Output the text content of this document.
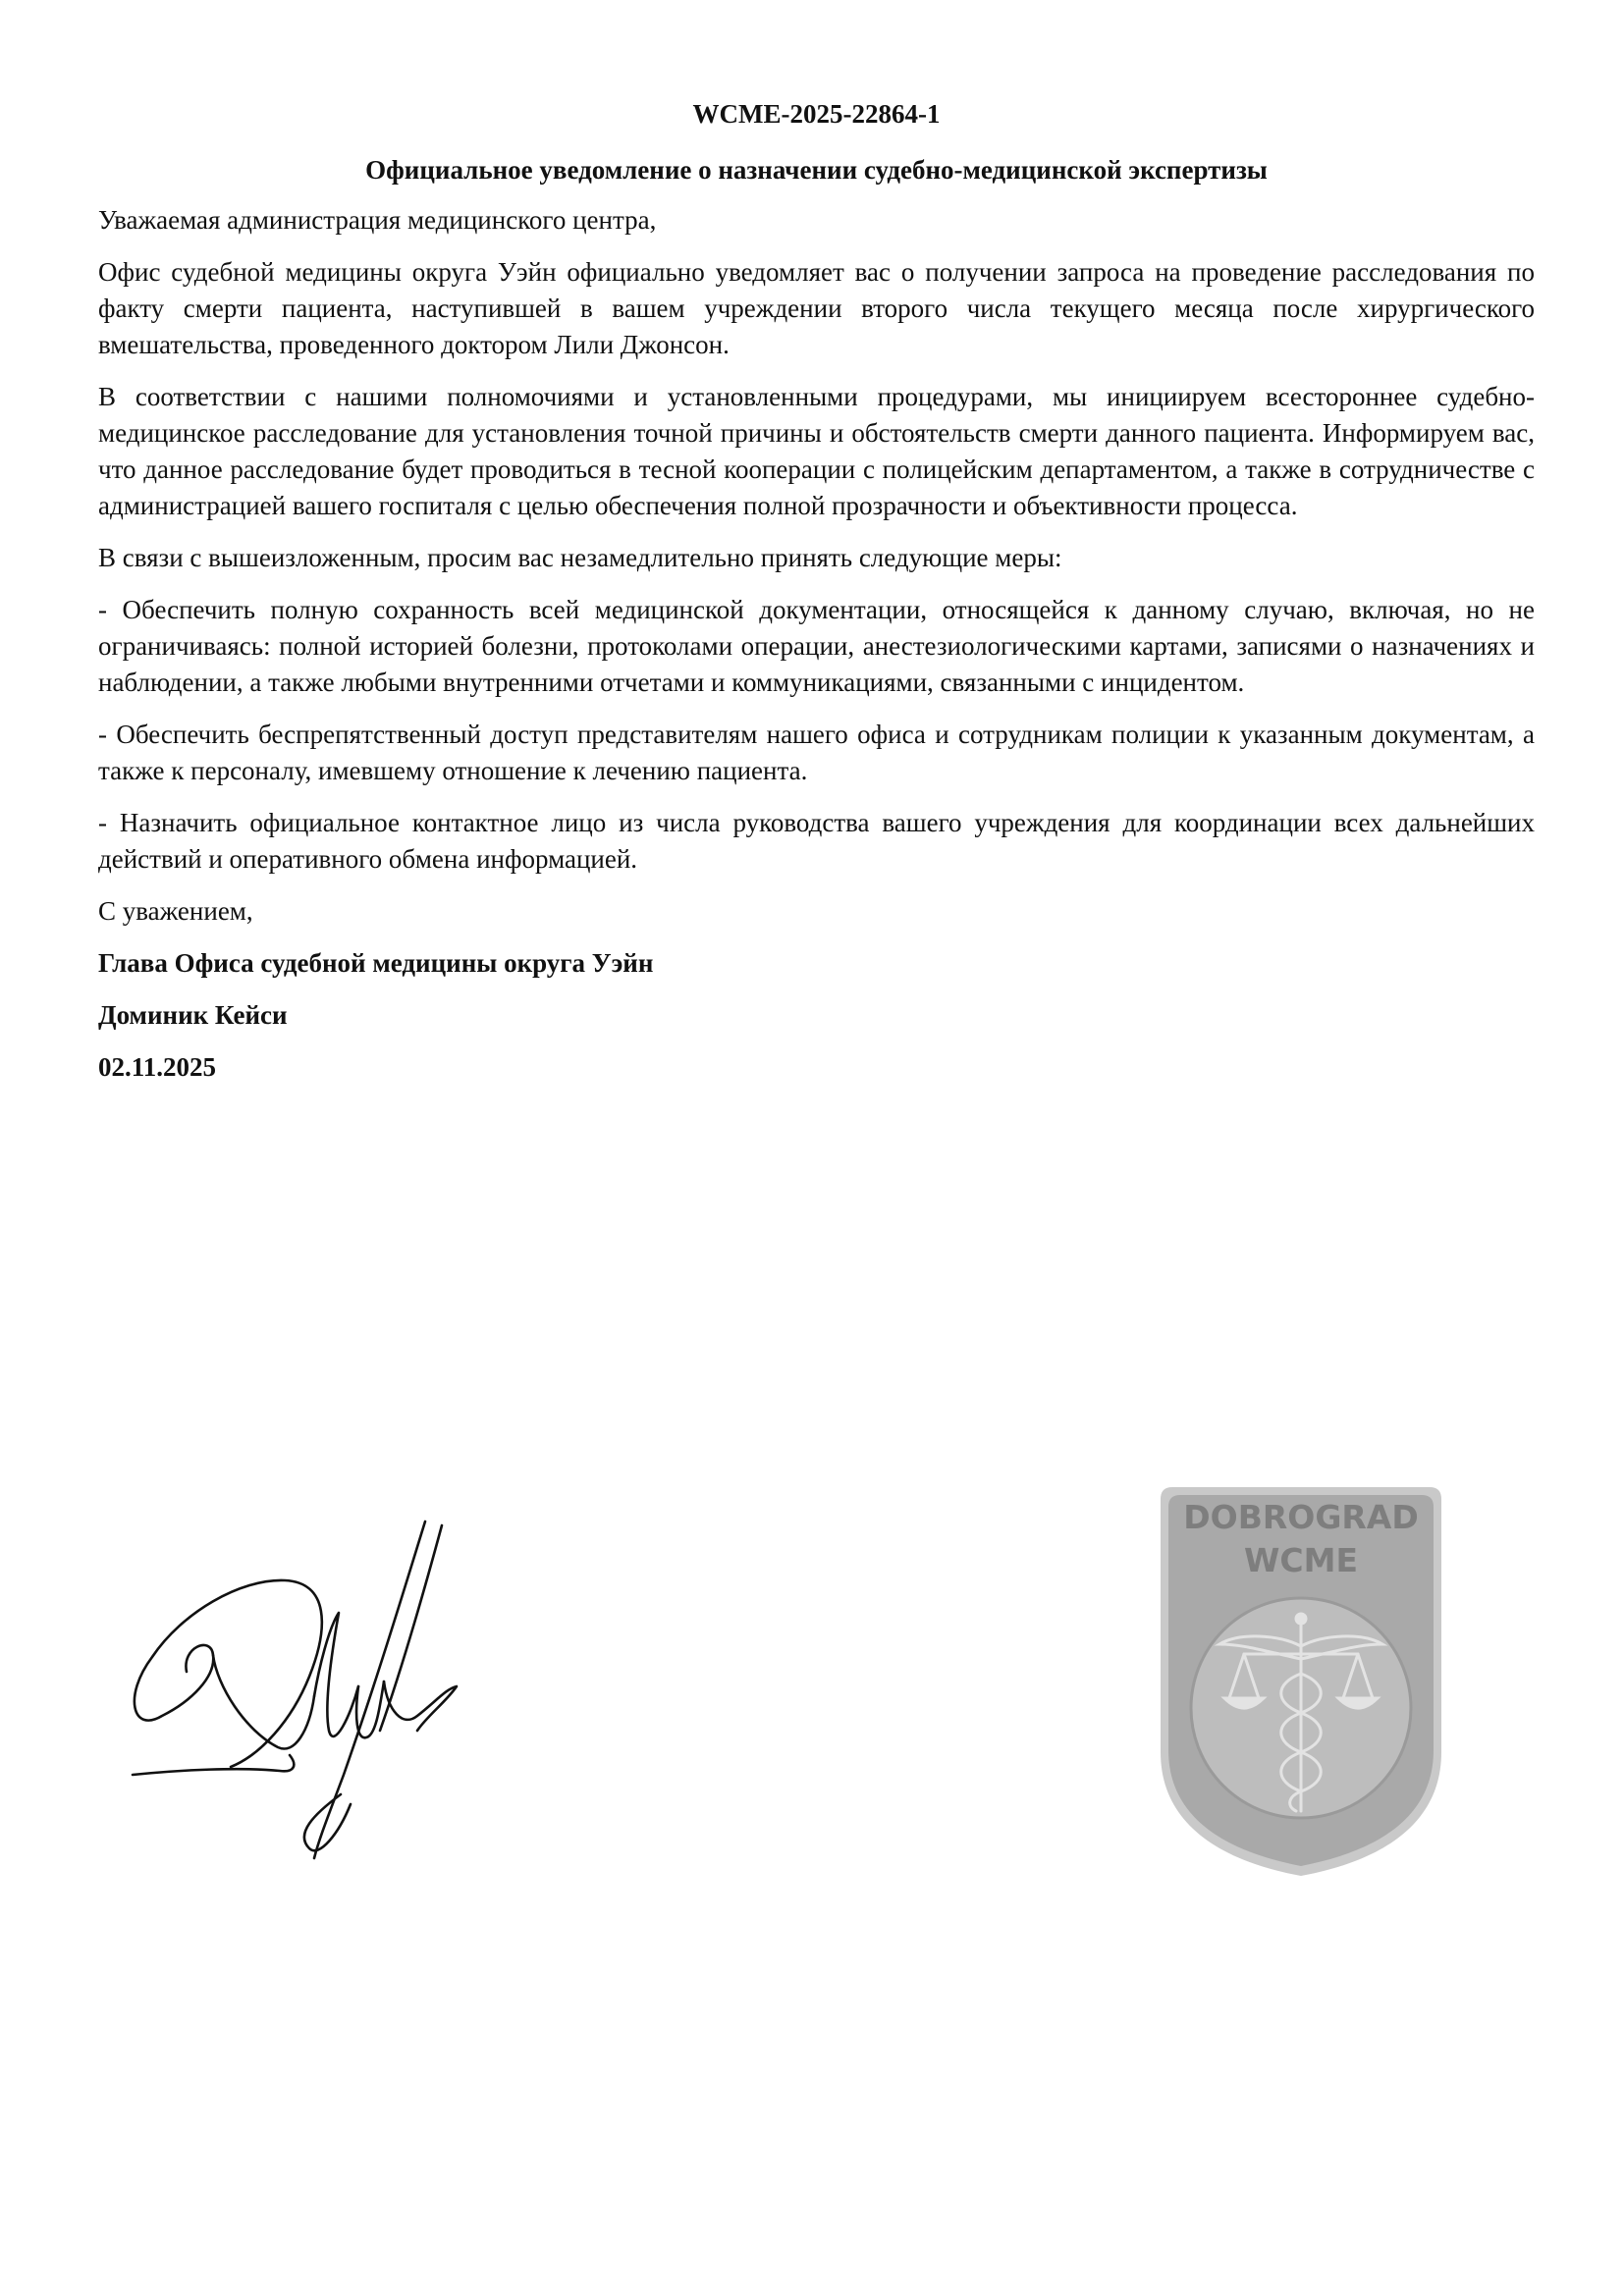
WCME-2025-22864-1
Официальное уведомление о назначении судебно-медицинской экспертизы

Уважаемая администрация медицинского центра,

Офис судебной медицины округа Уэйн официально уведомляет вас о получении запроса на проведение расследования по факту смерти пациента, наступившей в вашем учреждении второго числа текущего месяца после хирургического вмешательства, проведенного доктором Лили Джонсон.

В соответствии с нашими полномочиями и установленными процедурами, мы инициируем всестороннее судебно-медицинское расследование для установления точной причины и обстоятельств смерти данного пациента. Информируем вас, что данное расследование будет проводиться в тесной кооперации с полицейским департаментом, а также в сотрудничестве с администрацией вашего госпиталя с целью обеспечения полной прозрачности и объективности процесса.

В связи с вышеизложенным, просим вас незамедлительно принять следующие меры:

- Обеспечить полную сохранность всей медицинской документации, относящейся к данному случаю, включая, но не ограничиваясь: полной историей болезни, протоколами операции, анестезиологическими картами, записями о назначениях и наблюдении, а также любыми внутренними отчетами и коммуникациями, связанными с инцидентом.

- Обеспечить беспрепятственный доступ представителям нашего офиса и сотрудникам полиции к указанным документам, а также к персоналу, имевшему отношение к лечению пациента.

- Назначить официальное контактное лицо из числа руководства вашего учреждения для координации всех дальнейших действий и оперативного обмена информацией.

С уважением,

Глава Офиса судебной медицины округа Уэйн

Доминик Кейси

02.11.2025

DOBROGRAD
WCME
